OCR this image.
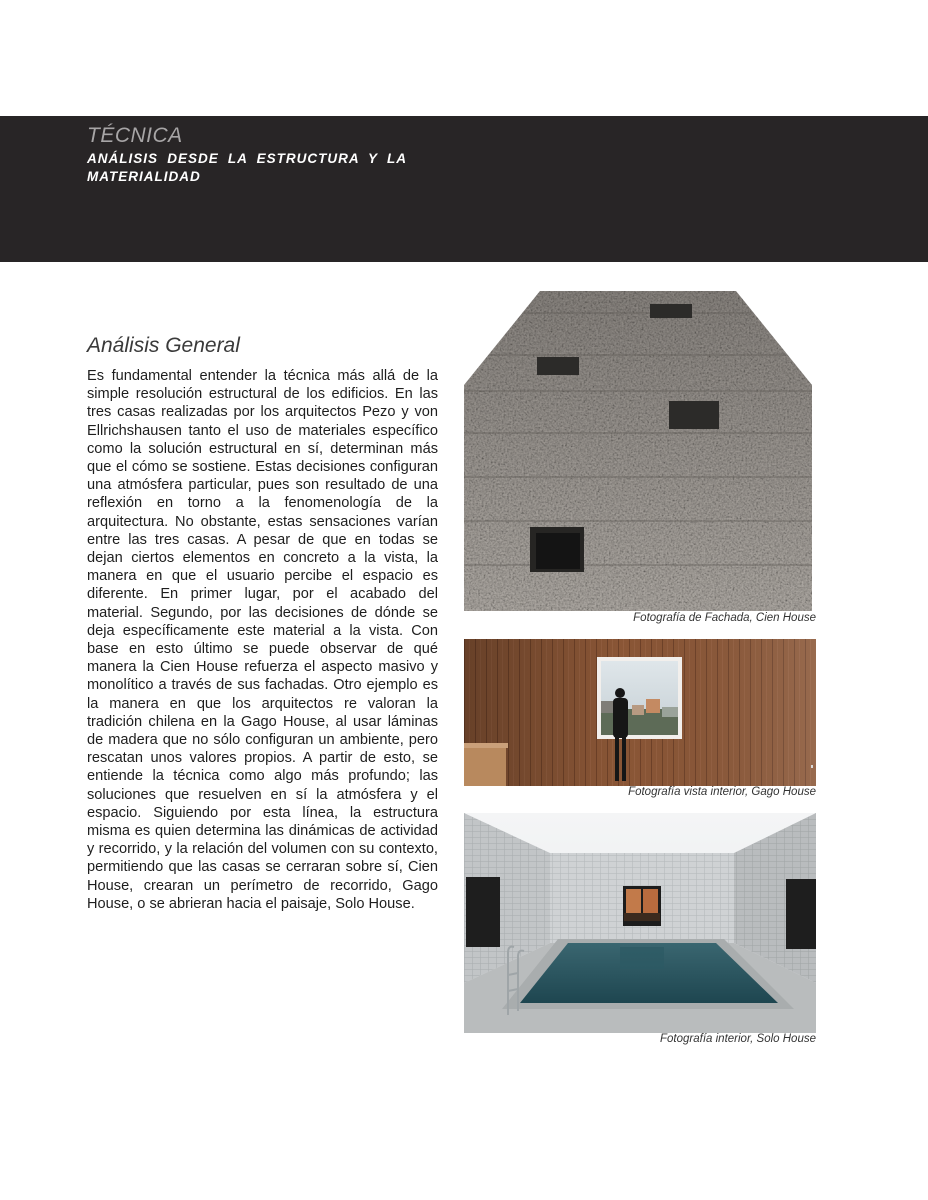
TÉCNICA
ANÁLISIS DESDE LA ESTRUCTURA Y LA MATERIALIDAD
Análisis General

Es fundamental entender la técnica más allá de la simple resolución estructural de los edificios. En las tres casas realizadas por los arquitectos Pezo y von Ellrichshausen tanto el uso de materiales específico como la solución estructural en sí, determinan más que el cómo se sostiene. Estas decisiones configuran una atmósfera particular, pues son resultado de una reflexión en torno a la fenomenología de la arquitectura. No obstante, estas sensaciones varían entre las tres casas. A pesar de que en todas se dejan ciertos elementos en concreto a la vista, la manera en que el usuario percibe el espacio es diferente. En primer lugar, por el acabado del material. Segundo, por las decisiones de dónde se deja específicamente este material a la vista. Con base en esto último se puede observar de qué manera la Cien House refuerza el aspecto masivo y monolítico a través de sus fachadas. Otro ejemplo es la manera en que los arquitectos re valoran la tradición chilena en la Gago House, al usar láminas de madera que no sólo configuran un ambiente, pero rescatan unos valores propios. A partir de esto, se entiende la técnica como algo más profundo; las soluciones que resuelven en sí la atmósfera y el espacio. Siguiendo por esta línea, la estructura misma es quien determina las dinámicas de actividad y recorrido, y la relación del volumen con su contexto, permitiendo que las casas se cerraran sobre sí, Cien House, crearan un perímetro de recorrido, Gago House, o se abrieran hacia el paisaje, Solo House.

Fotografía de Fachada, Cien House

Fotografía vista interior, Gago House

Fotografía interior, Solo House
